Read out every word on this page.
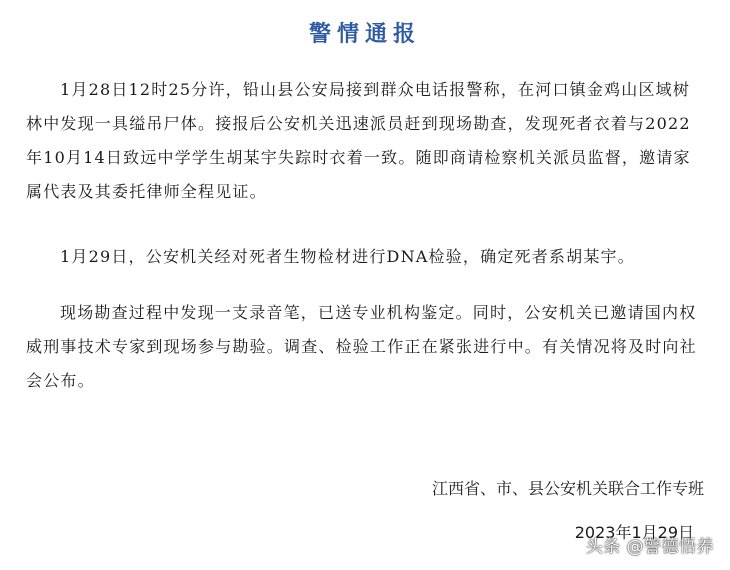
警情通报

1月28日12时25分许，铅山县公安局接到群众电话报警称，在河口镇金鸡山区域树林中发现一具缢吊尸体。接报后公安机关迅速派员赶到现场勘查，发现死者衣着与2022年10月14日致远中学学生胡某宇失踪时衣着一致。随即商请检察机关派员监督，邀请家属代表及其委托律师全程见证。

1月29日，公安机关经对死者生物检材进行DNA检验，确定死者系胡某宇。

现场勘查过程中发现一支录音笔，已送专业机构鉴定。同时，公安机关已邀请国内权威刑事技术专家到现场参与勘验。调查、检验工作正在紧张进行中。有关情况将及时向社会公布。

江西省、市、县公安机关联合工作专班
2023年1月29日
头条 @警德悟养
